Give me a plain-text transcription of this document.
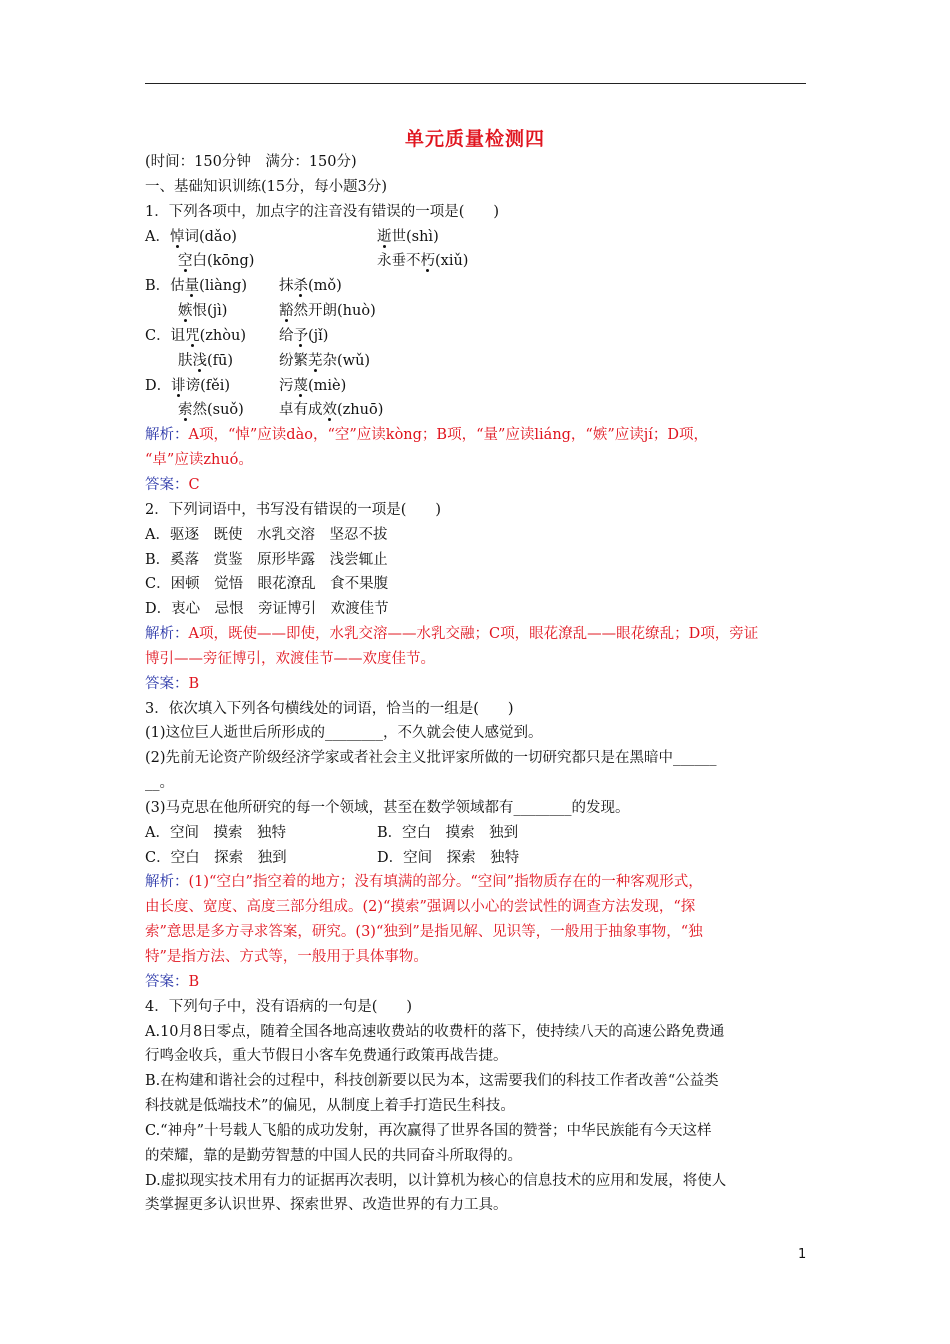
单元质量检测四
(时间：150分钟　满分：150分)
一、基础知识训练(15分，每小题3分)
1．下列各项中，加点字的注音没有错误的一项是(　　)
A．悼词(dǎo)	逝世(shì)
空白(kōng)	永垂不朽(xiǔ)
B．估量(liàng) 抹杀(mǒ)
嫉恨(jì)	豁然开朗(huò)
C．诅咒(zhòu) 给予(jǐ)
肤浅(fū)	纷繁芜杂(wǔ)
D．诽谤(fěi)	污蔑(miè)
索然(suǒ) 卓有成效(zhuō)
解析：A项，“悼”应读dào，“空”应读kòng；B项，“量”应读liáng，“嫉”应读jí；D项，
“卓”应读zhuó。
答案：C
2．下列词语中，书写没有错误的一项是(　　)
A．驱逐　既使　水乳交溶　坚忍不拔
B．奚落　赏鉴　原形毕露　浅尝辄止
C．困顿　觉悟　眼花潦乱　食不果腹
D．衷心　忌恨　旁证博引　欢渡佳节
解析：A项，既使——即使，水乳交溶——水乳交融；C项，眼花潦乱——眼花缭乱；D项，旁证
博引——旁征博引，欢渡佳节——欢度佳节。
答案：B
3．依次填入下列各句横线处的词语，恰当的一组是(　　)
(1)这位巨人逝世后所形成的________，不久就会使人感觉到。
(2)先前无论资产阶级经济学家或者社会主义批评家所做的一切研究都只是在黑暗中______
__。
(3)马克思在他所研究的每一个领域，甚至在数学领域都有________的发现。
A．空间　摸索　独特	B．空白　摸索　独到
C．空白　探索　独到	D．空间　探索　独特
解析：(1)“空白”指空着的地方；没有填满的部分。“空间”指物质存在的一种客观形式，
由长度、宽度、高度三部分组成。(2)“摸索”强调以小心的尝试性的调查方法发现，“探
索”意思是多方寻求答案，研究。(3)“独到”是指见解、见识等，一般用于抽象事物，“独
特”是指方法、方式等，一般用于具体事物。
答案：B
4．下列句子中，没有语病的一句是(　　)
A.10月8日零点，随着全国各地高速收费站的收费杆的落下，使持续八天的高速公路免费通
行鸣金收兵，重大节假日小客车免费通行政策再战告捷。
B.在构建和谐社会的过程中，科技创新要以民为本，这需要我们的科技工作者改善“公益类
科技就是低端技术”的偏见，从制度上着手打造民生科技。
C.“神舟”十号载人飞船的成功发射，再次赢得了世界各国的赞誉；中华民族能有今天这样
的荣耀，靠的是勤劳智慧的中国人民的共同奋斗所取得的。
D.虚拟现实技术用有力的证据再次表明，以计算机为核心的信息技术的应用和发展，将使人
类掌握更多认识世界、探索世界、改造世界的有力工具。
1
